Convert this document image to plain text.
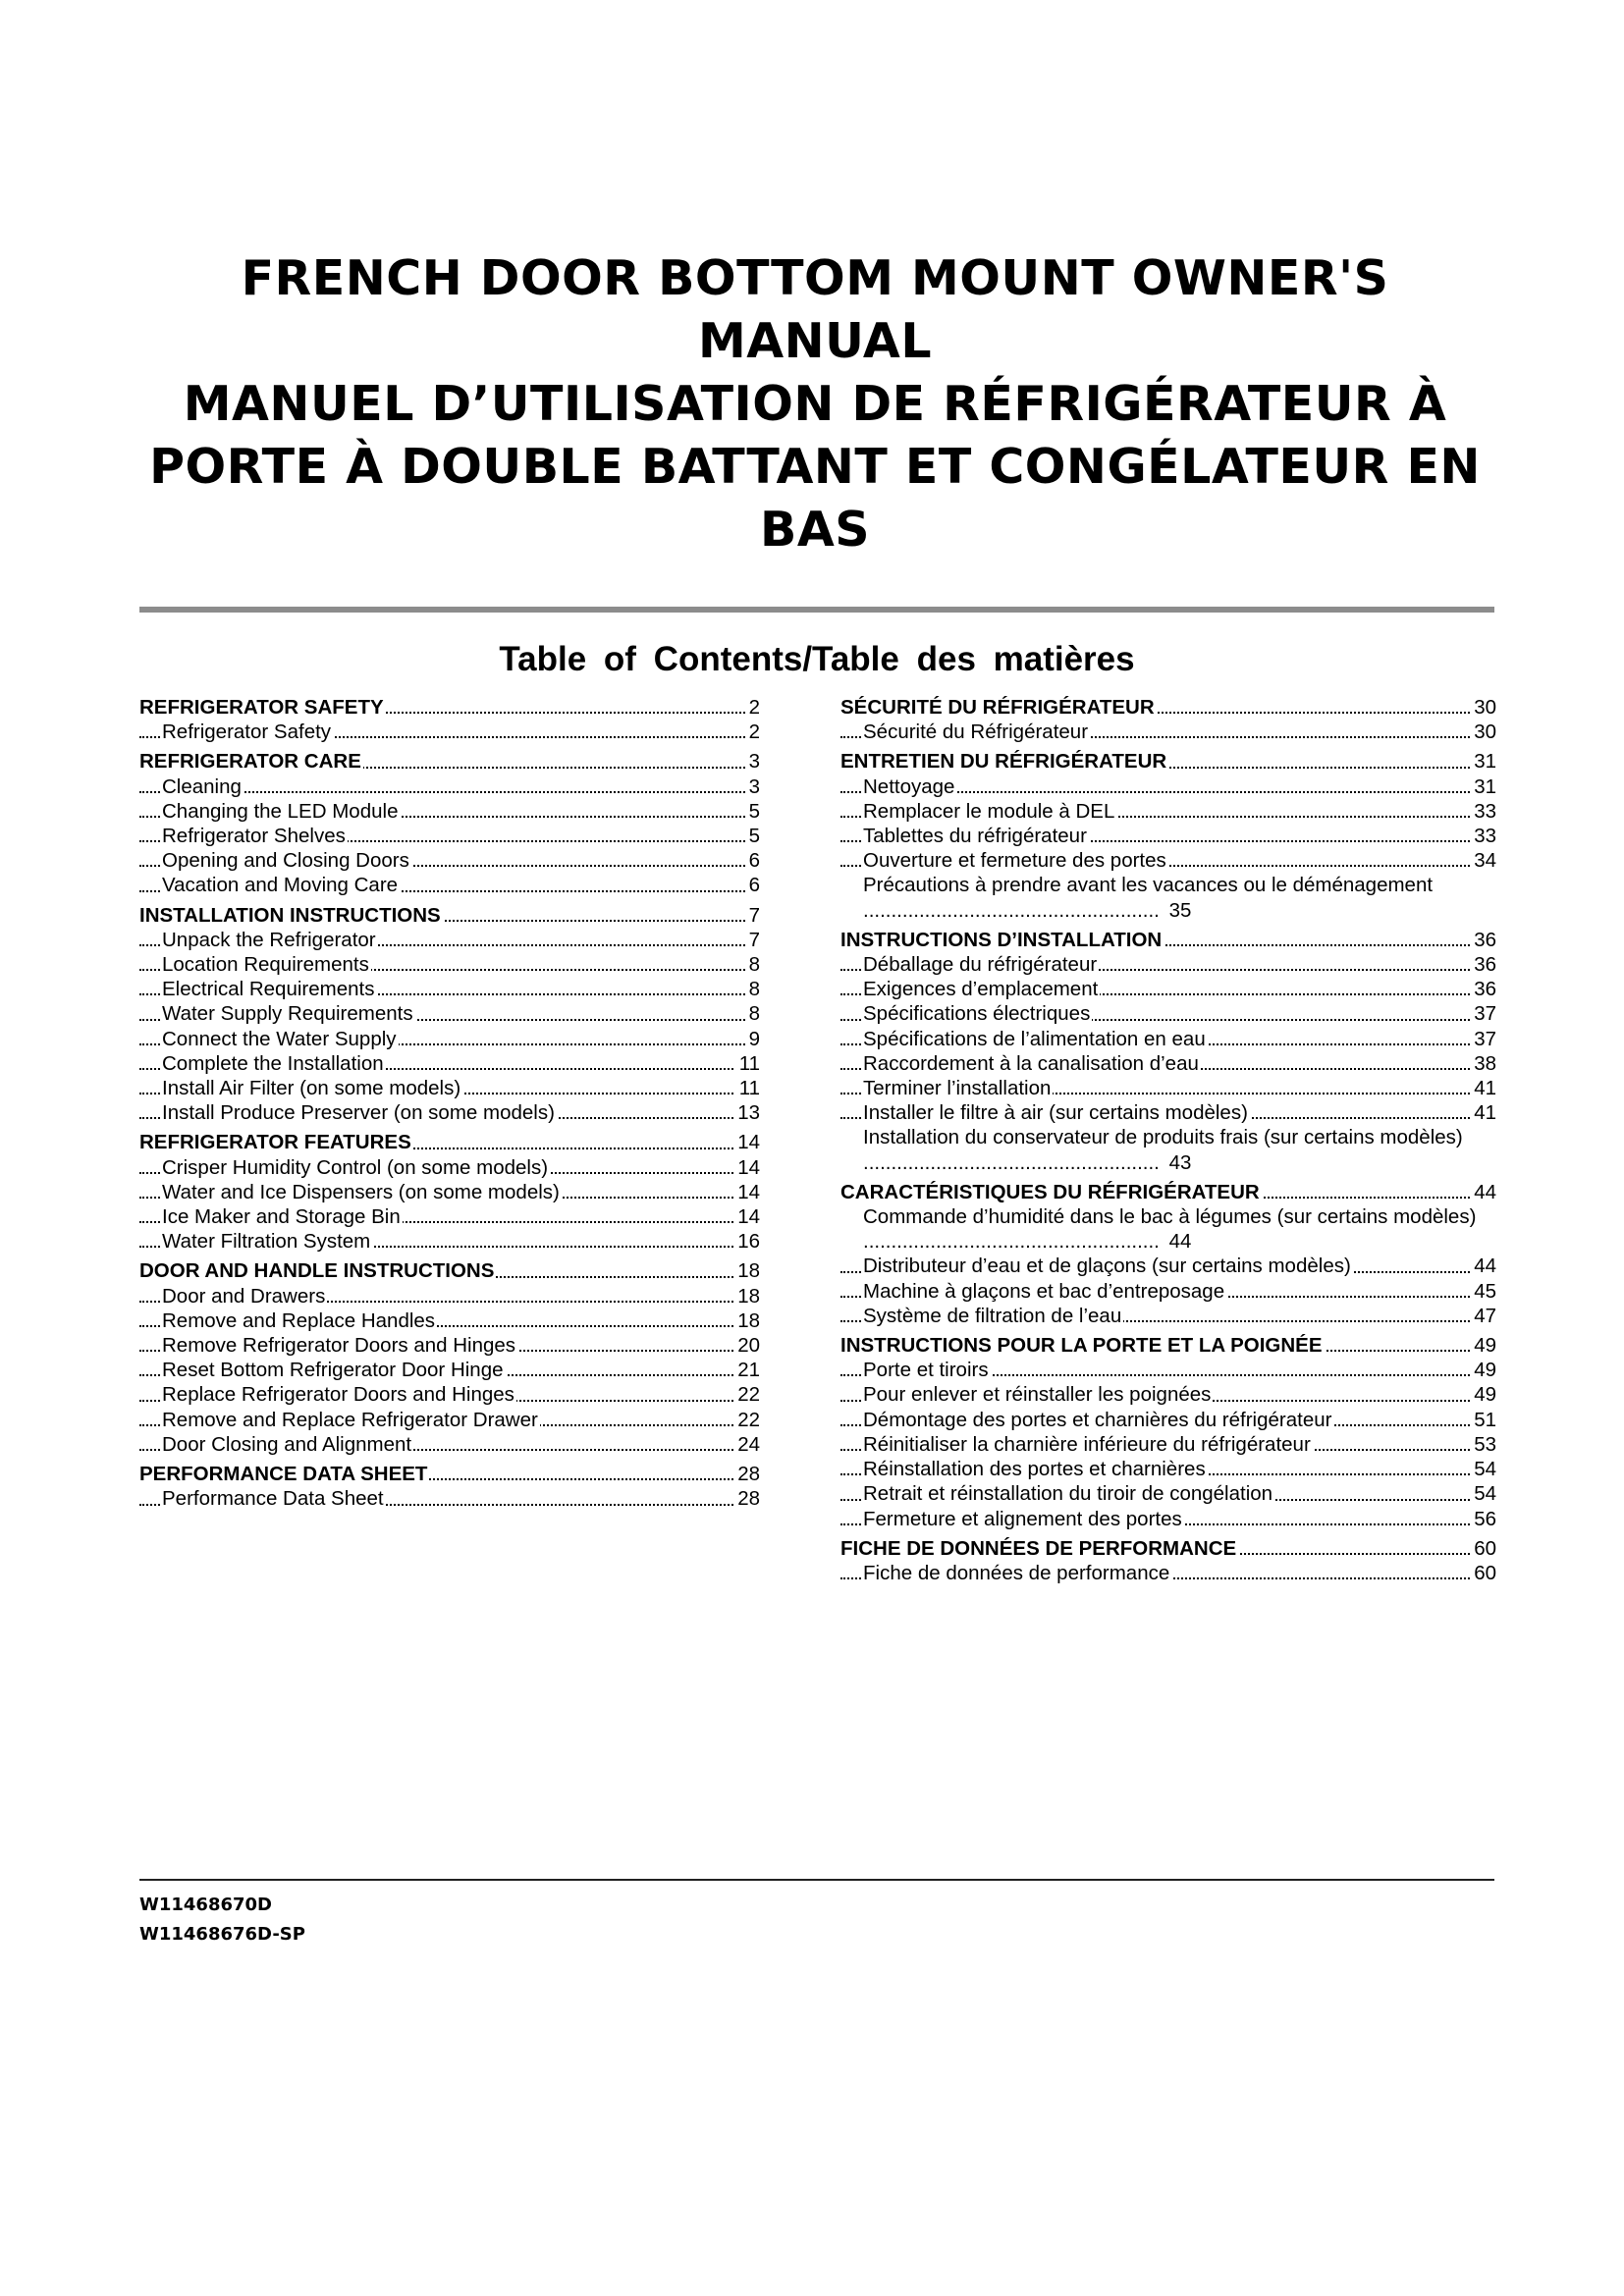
FRENCH DOOR BOTTOM MOUNT OWNER'S
MANUAL
MANUEL D’UTILISATION DE RÉFRIGÉRATEUR À
PORTE À DOUBLE BATTANT ET CONGÉLATEUR EN
BAS
Table of Contents/Table des matières
REFRIGERATOR SAFETY	2
Refrigerator Safety	2
REFRIGERATOR CARE	3
Cleaning	3
Changing the LED Module	5
Refrigerator Shelves	5
Opening and Closing Doors	6
Vacation and Moving Care	6
INSTALLATION INSTRUCTIONS	7
Unpack the Refrigerator	7
Location Requirements	8
Electrical Requirements	8
Water Supply Requirements	8
Connect the Water Supply	9
Complete the Installation	11
Install Air Filter (on some models)	11
Install Produce Preserver (on some models)	13
REFRIGERATOR FEATURES	14
Crisper Humidity Control (on some models)	14
Water and Ice Dispensers (on some models)	14
Ice Maker and Storage Bin	14
Water Filtration System	16
DOOR AND HANDLE INSTRUCTIONS	18
Door and Drawers	18
Remove and Replace Handles	18
Remove Refrigerator Doors and Hinges	20
Reset Bottom Refrigerator Door Hinge	21
Replace Refrigerator Doors and Hinges	22
Remove and Replace Refrigerator Drawer	22
Door Closing and Alignment	24
PERFORMANCE DATA SHEET	28
Performance Data Sheet	28
SÉCURITÉ DU RÉFRIGÉRATEUR	30
Sécurité du Réfrigérateur	30
ENTRETIEN DU RÉFRIGÉRATEUR	31
Nettoyage	31
Remplacer le module à DEL	33
Tablettes du réfrigérateur	33
Ouverture et fermeture des portes	34
Précautions à prendre avant les vacances ou le déménagement ..................................................... 35
INSTRUCTIONS D’INSTALLATION	36
Déballage du réfrigérateur	36
Exigences d’emplacement	36
Spécifications électriques	37
Spécifications de l’alimentation en eau	37
Raccordement à la canalisation d’eau	38
Terminer l’installation	41
Installer le filtre à air (sur certains modèles)	41
Installation du conservateur de produits frais (sur certains modèles) ..................................................... 43
CARACTÉRISTIQUES DU RÉFRIGÉRATEUR	44
Commande d’humidité dans le bac à légumes (sur certains modèles) ..................................................... 44
Distributeur d’eau et de glaçons (sur certains modèles)	44
Machine à glaçons et bac d’entreposage	45
Système de filtration de l’eau	47
INSTRUCTIONS POUR LA PORTE ET LA POIGNÉE	49
Porte et tiroirs	49
Pour enlever et réinstaller les poignées	49
Démontage des portes et charnières du réfrigérateur	51
Réinitialiser la charnière inférieure du réfrigérateur	53
Réinstallation des portes et charnières	54
Retrait et réinstallation du tiroir de congélation	54
Fermeture et alignement des portes	56
FICHE DE DONNÉES DE PERFORMANCE	60
Fiche de données de performance	60
W11468670D
W11468676D-SP
